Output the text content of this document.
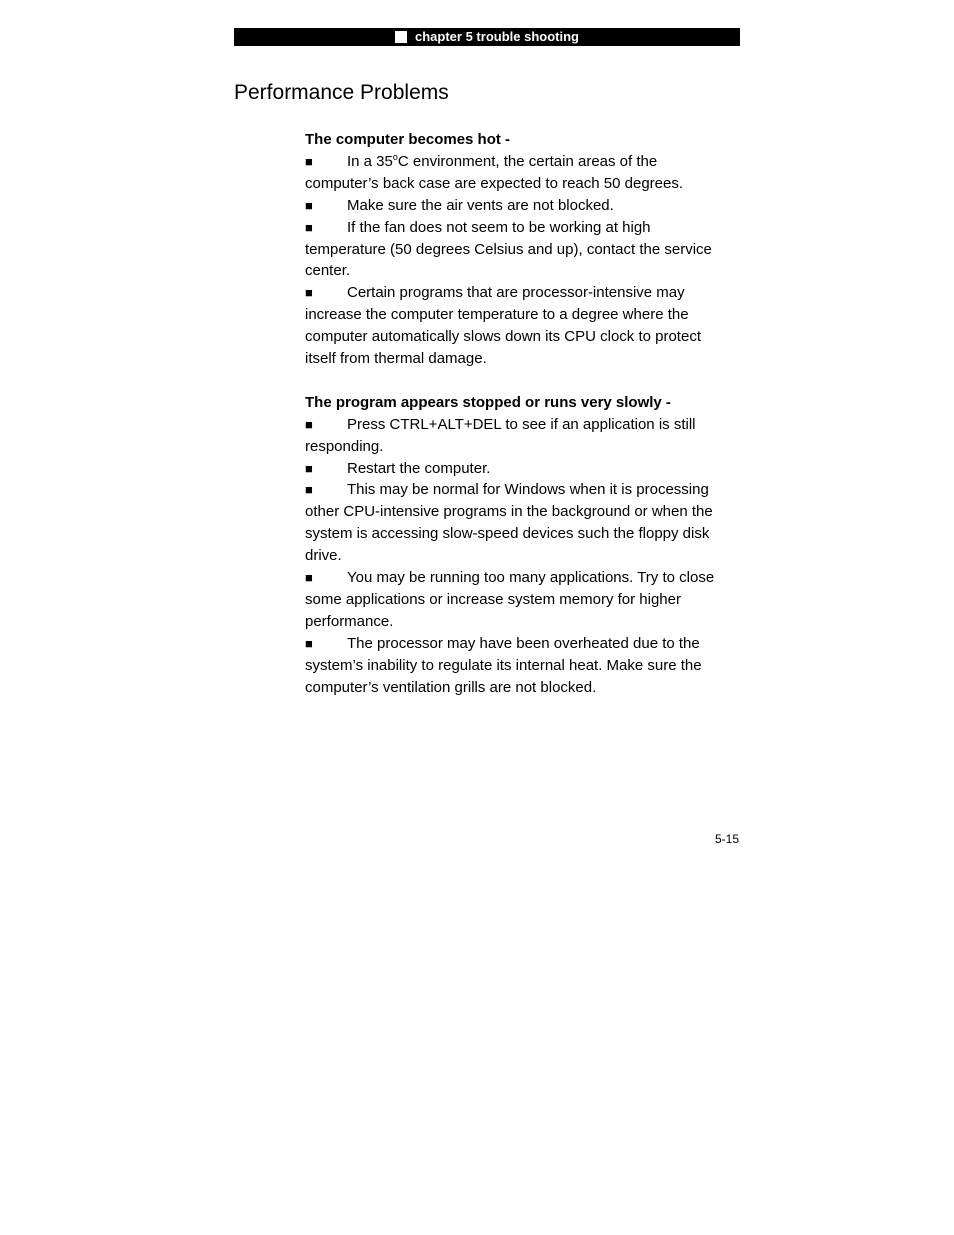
chapter 5 trouble shooting
Performance Problems

The computer becomes hot -

■ In a 35$^o$C environment, the certain areas of the computer’s back case are expected to reach 50 degrees.
■ Make sure the air vents are not blocked.
■ If the fan does not seem to be working at high temperature (50 degrees Celsius and up), contact the service center.
■ Certain programs that are processor-intensive may increase the computer temperature to a degree where the computer automatically slows down its CPU clock to protect itself from thermal damage.

The program appears stopped or runs very slowly -

■ Press CTRL+ALT+DEL to see if an application is still responding.
■ Restart the computer.
■ This may be normal for Windows when it is processing other CPU-intensive programs in the background or when the system is accessing slow-speed devices such the floppy disk drive.
■ You may be running too many applications. Try to close some applications or increase system memory for higher performance.
■ The processor may have been overheated due to the system’s inability to regulate its internal heat. Make sure the computer’s ventilation grills are not blocked.
5-15
